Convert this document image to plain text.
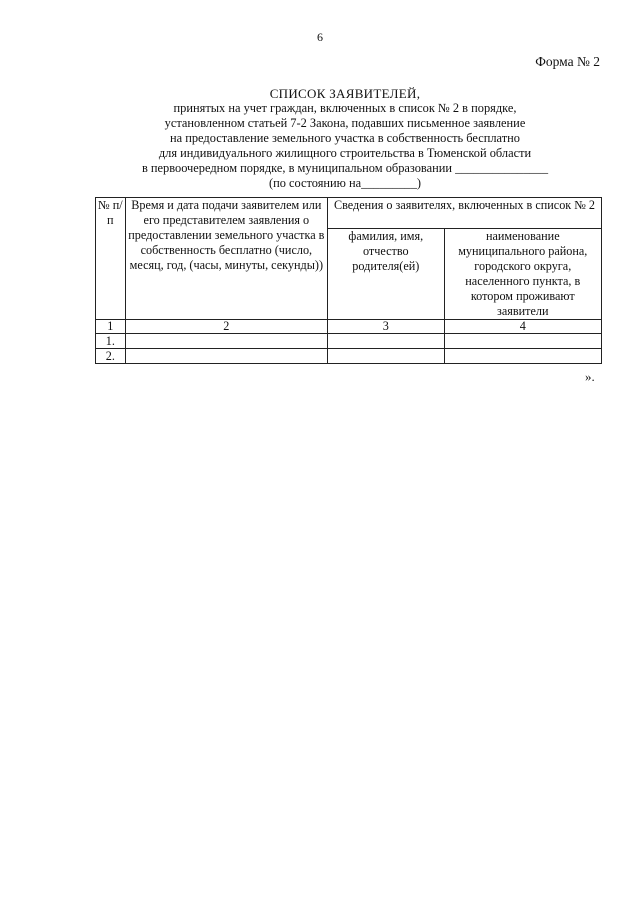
6
Форма № 2
СПИСОК ЗАЯВИТЕЛЕЙ,
принятых на учет граждан, включенных в список № 2 в порядке,
установленном статьей 7-2 Закона, подавших письменное заявление
на предоставление земельного участка в собственность бесплатно
для индивидуального жилищного строительства в Тюменской области
в первоочередном порядке, в муниципальном образовании _______________
(по состоянию на_________)
№ п/п	Время и дата подачи заявителем или его представителем заявления о предоставлении земельного участка в собственность бесплатно (число, месяц, год, (часы, минуты, секунды))	Сведения о заявителях, включенных в список № 2	
		фамилия, имя, отчество родителя(ей)	наименование муниципального района, городского округа, населенного пункта, в котором проживают заявители
1	2	3	4
1.			
2.			
».
